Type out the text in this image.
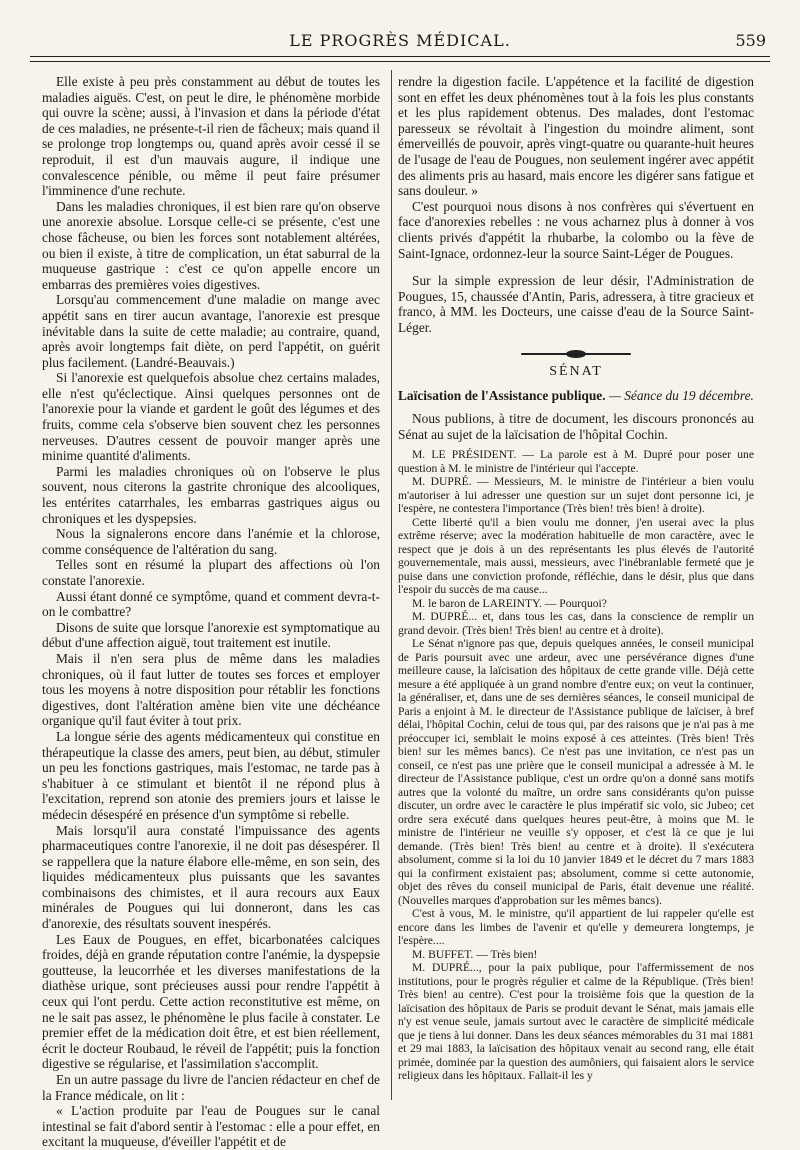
LE PROGRÈS MÉDICAL.	559

Elle existe à peu près constamment au début de toutes les maladies aiguës. C'est, on peut le dire, le phénomène morbide qui ouvre la scène; aussi, à l'invasion et dans la période d'état de ces maladies, ne présente-t-il rien de fâcheux; mais quand il se prolonge trop longtemps ou, quand après avoir cessé il se reproduit, il est d'un mauvais augure, il indique une convalescence pénible, ou même il peut faire présumer l'imminence d'une rechute.

Dans les maladies chroniques, il est bien rare qu'on observe une anorexie absolue. Lorsque celle-ci se présente, c'est une chose fâcheuse, ou bien les forces sont notablement altérées, ou bien il existe, à titre de complication, un état saburral de la muqueuse gastrique : c'est ce qu'on appelle encore un embarras des premières voies digestives.

Lorsqu'au commencement d'une maladie on mange avec appétit sans en tirer aucun avantage, l'anorexie est presque inévitable dans la suite de cette maladie; au contraire, quand, après avoir longtemps fait diète, on perd l'appétit, on guérit plus facilement. (Landré-Beauvais.)

Si l'anorexie est quelquefois absolue chez certains malades, elle n'est qu'éclectique. Ainsi quelques personnes ont de l'anorexie pour la viande et gardent le goût des légumes et des fruits, comme cela s'observe bien souvent chez les personnes nerveuses. D'autres cessent de pouvoir manger après une minime quantité d'aliments.

Parmi les maladies chroniques où on l'observe le plus souvent, nous citerons la gastrite chronique des alcooliques, les entérites catarrhales, les embarras gastriques aigus ou chroniques et les dyspepsies.

Nous la signalerons encore dans l'anémie et la chlorose, comme conséquence de l'altération du sang.

Telles sont en résumé la plupart des affections où l'on constate l'anorexie.

Aussi étant donné ce symptôme, quand et comment devra-t-on le combattre?

Disons de suite que lorsque l'anorexie est symptomatique au début d'une affection aiguë, tout traitement est inutile.

Mais il n'en sera plus de même dans les maladies chroniques, où il faut lutter de toutes ses forces et employer tous les moyens à notre disposition pour rétablir les fonctions digestives, dont l'altération amène bien vite une déchéance organique qu'il faut éviter à tout prix.

La longue série des agents médicamenteux qui constitue en thérapeutique la classe des amers, peut bien, au début, stimuler un peu les fonctions gastriques, mais l'estomac, ne tarde pas à s'habituer à ce stimulant et bientôt il ne répond plus à l'excitation, reprend son atonie des premiers jours et laisse le médecin désespéré en présence d'un symptôme si rebelle.

Mais lorsqu'il aura constaté l'impuissance des agents pharmaceutiques contre l'anorexie, il ne doit pas désespérer. Il se rappellera que la nature élabore elle-même, en son sein, des liquides médicamenteux plus puissants que les savantes combinaisons des chimistes, et il aura recours aux Eaux minérales de Pougues qui lui donneront, dans les cas d'anorexie, des résultats souvent inespérés.

Les Eaux de Pougues, en effet, bicarbonatées calciques froides, déjà en grande réputation contre l'anémie, la dyspepsie goutteuse, la leucorrhée et les diverses manifestations de la diathèse urique, sont précieuses aussi pour rendre l'appétit à ceux qui l'ont perdu. Cette action reconstitutive est même, on ne le sait pas assez, le phénomène le plus facile à constater. Le premier effet de la médication doit être, et est bien réellement, écrit le docteur Roubaud, le réveil de l'appétit; puis la fonction digestive se régularise, et l'assimilation s'accomplit.

En un autre passage du livre de l'ancien rédacteur en chef de la France médicale, on lit :

« L'action produite par l'eau de Pougues sur le canal intestinal se fait d'abord sentir à l'estomac : elle a pour effet, en excitant la muqueuse, d'éveiller l'appétit et de

rendre la digestion facile. L'appétence et la facilité de digestion sont en effet les deux phénomènes tout à la fois les plus constants et les plus rapidement obtenus. Des malades, dont l'estomac paresseux se révoltait à l'ingestion du moindre aliment, sont émerveillés de pouvoir, après vingt-quatre ou quarante-huit heures de l'usage de l'eau de Pougues, non seulement ingérer avec appétit des aliments pris au hasard, mais encore les digérer sans fatigue et sans douleur. »

C'est pourquoi nous disons à nos confrères qui s'évertuent en face d'anorexies rebelles : ne vous acharnez plus à donner à vos clients privés d'appétit la rhubarbe, la colombo ou la fève de Saint-Ignace, ordonnez-leur la source Saint-Léger de Pougues.

Sur la simple expression de leur désir, l'Administration de Pougues, 15, chaussée d'Antin, Paris, adressera, à titre gracieux et franco, à MM. les Docteurs, une caisse d'eau de la Source Saint-Léger.

SÉNAT

Laïcisation de l'Assistance publique. — Séance du 19 décembre.

Nous publions, à titre de document, les discours prononcés au Sénat au sujet de la laïcisation de l'hôpital Cochin.

M. LE PRÉSIDENT. — La parole est à M. Dupré pour poser une question à M. le ministre de l'intérieur qui l'accepte.

M. DUPRÉ. — Messieurs, M. le ministre de l'intérieur a bien voulu m'autoriser à lui adresser une question sur un sujet dont personne ici, je l'espère, ne contestera l'importance (Très bien! très bien! à droite).

Cette liberté qu'il a bien voulu me donner, j'en userai avec la plus extrême réserve; avec la modération habituelle de mon caractère, avec le respect que je dois à un des représentants les plus élevés de l'autorité gouvernementale, mais aussi, messieurs, avec l'inébranlable fermeté que je puise dans une conviction profonde, réfléchie, dans le désir, plus que dans l'espoir du succès de ma cause...

M. le baron de LAREINTY. — Pourquoi?

M. DUPRÉ... et, dans tous les cas, dans la conscience de remplir un grand devoir. (Très bien! Très bien! au centre et à droite).

Le Sénat n'ignore pas que, depuis quelques années, le conseil municipal de Paris poursuit avec une ardeur, avec une persévérance dignes d'une meilleure cause, la laïcisation des hôpitaux de cette grande ville. Déjà cette mesure a été appliquée à un grand nombre d'entre eux; on veut la continuer, la généraliser, et, dans une de ses dernières séances, le conseil municipal de Paris a enjoint à M. le directeur de l'Assistance publique de laïciser, à bref délai, l'hôpital Cochin, celui de tous qui, par des raisons que je n'ai pas à me préoccuper ici, semblait le moins exposé à ces atteintes. (Très bien! Très bien! sur les mêmes bancs). Ce n'est pas une invitation, ce n'est pas un conseil, ce n'est pas une prière que le conseil municipal a adressée à M. le directeur de l'Assistance publique, c'est un ordre qu'on a donné sans motifs autres que la volonté du maître, un ordre sans considérants qu'on puisse discuter, un ordre avec le caractère le plus impératif sic volo, sic Jubeo; cet ordre sera exécuté dans quelques heures peut-être, à moins que M. le ministre de l'intérieur ne veuille s'y opposer, et c'est là ce que je lui demande. (Très bien! Très bien! au centre et à droite). Il s'exécutera absolument, comme si la loi du 10 janvier 1849 et le décret du 7 mars 1883 qui la confirment existaient pas; absolument, comme si cette autonomie, objet des rêves du conseil municipal de Paris, était devenue une réalité. (Nouvelles marques d'approbation sur les mêmes bancs).

C'est à vous, M. le ministre, qu'il appartient de lui rappeler qu'elle est encore dans les limbes de l'avenir et qu'elle y demeurera longtemps, je l'espère....

M. BUFFET. — Très bien!

M. DUPRÉ..., pour la paix publique, pour l'affermissement de nos institutions, pour le progrès régulier et calme de la République. (Très bien! Très bien! au centre). C'est pour la troisième fois que la question de la laïcisation des hôpitaux de Paris se produit devant le Sénat, mais jamais elle n'y est venue seule, jamais surtout avec le caractère de simplicité médicale que je tiens à lui donner. Dans les deux séances mémorables du 31 mai 1881 et 29 mai 1883, la laïcisation des hôpitaux venait au second rang, elle était primée, dominée par la question des aumôniers, qui faisaient alors le service religieux dans les hôpitaux. Fallait-il les y
